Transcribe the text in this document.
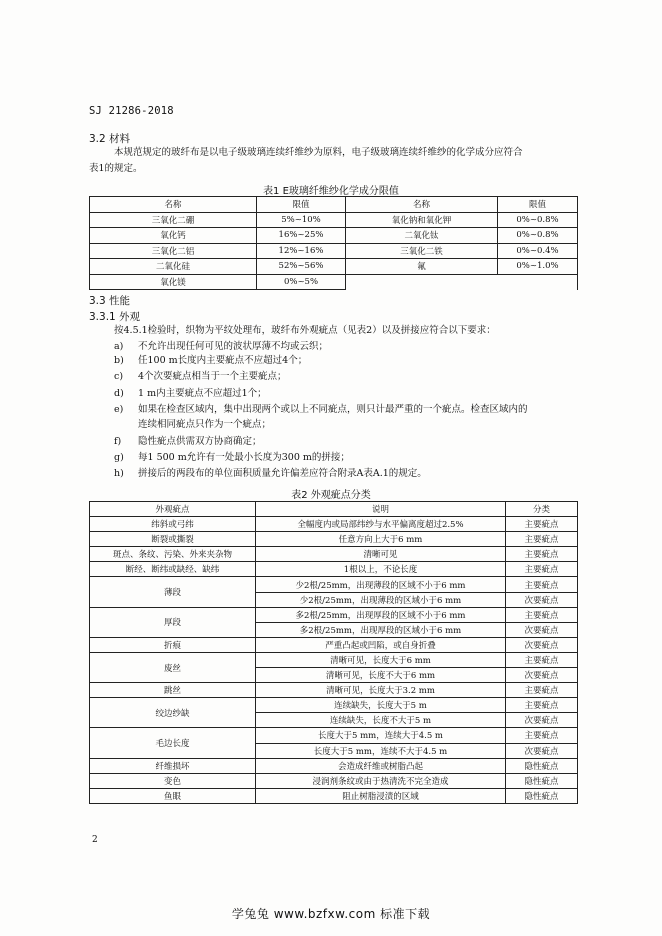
SJ 21286-2018
3.2 材料
本规范规定的玻纤布是以电子级玻璃连续纤维纱为原料，电子级玻璃连续纤维纱的化学成分应符合
表1的规定。
表1 E玻璃纤维纱化学成分限值
名称	限值	名称	限值
三氧化二硼	5%~10%	氧化钠和氧化钾	0%~0.8%
氧化钙	16%~25%	二氧化钛	0%~0.8%
三氧化二铝	12%~16%	三氧化二铁	0%~0.4%
二氧化硅	52%~56%	氟	0%~1.0%
氧化镁	0%~5%		
3.3 性能
3.3.1 外观
按4.5.1检验时，织物为平纹处理布，玻纤布外观疵点（见表2）以及拼接应符合以下要求：
a)	不允许出现任何可见的波状厚薄不均或云织；
b)	任100 m长度内主要疵点不应超过4个；
c)	4个次要疵点相当于一个主要疵点；
d)	1 m内主要疵点不应超过1个；
e)	如果在检查区域内，集中出现两个或以上不同疵点，则只计最严重的一个疵点。检查区域内的
连续相同疵点只作为一个疵点；
f)	隐性疵点供需双方协商确定；
g)	每1 500 m允许有一处最小长度为300 m的拼接；
h)	拼接后的两段布的单位面积质量允许偏差应符合附录A表A.1的规定。
表2 外观疵点分类
外观疵点	说明	分类
纬斜或弓纬	全幅度内或局部纬纱与水平偏离度超过2.5%	主要疵点
断裂或撕裂	任意方向上大于6 mm	主要疵点
斑点、条纹、污染、外来夹杂物	清晰可见	主要疵点
断经、断纬或缺经、缺纬	1根以上，不论长度	主要疵点
薄段	少2根/25mm，出现薄段的区域不小于6 mm	主要疵点
	少2根/25mm，出现薄段的区域小于6 mm	次要疵点
厚段	多2根/25mm，出现厚段的区域不小于6 mm	主要疵点
	多2根/25mm，出现厚段的区域小于6 mm	次要疵点
折痕	严重凸起或凹陷，或自身折叠	次要疵点
废丝	清晰可见，长度大于6 mm	主要疵点
	清晰可见，长度不大于6 mm	次要疵点
跳丝	清晰可见，长度大于3.2 mm	主要疵点
绞边纱缺	连续缺失，长度大于5 m	主要疵点
	连续缺失，长度不大于5 m	次要疵点
毛边长度	长度大于5 mm，连续大于4.5 m	主要疵点
	长度大于5 mm，连续不大于4.5 m	次要疵点
纤维损坏	会造成纤维或树脂凸起	隐性疵点
变色	浸润剂条纹或由于热清洗不完全造成	隐性疵点
鱼眼	阻止树脂浸渍的区域	隐性疵点
2
学兔兔 www.bzfxw.com 标准下载
